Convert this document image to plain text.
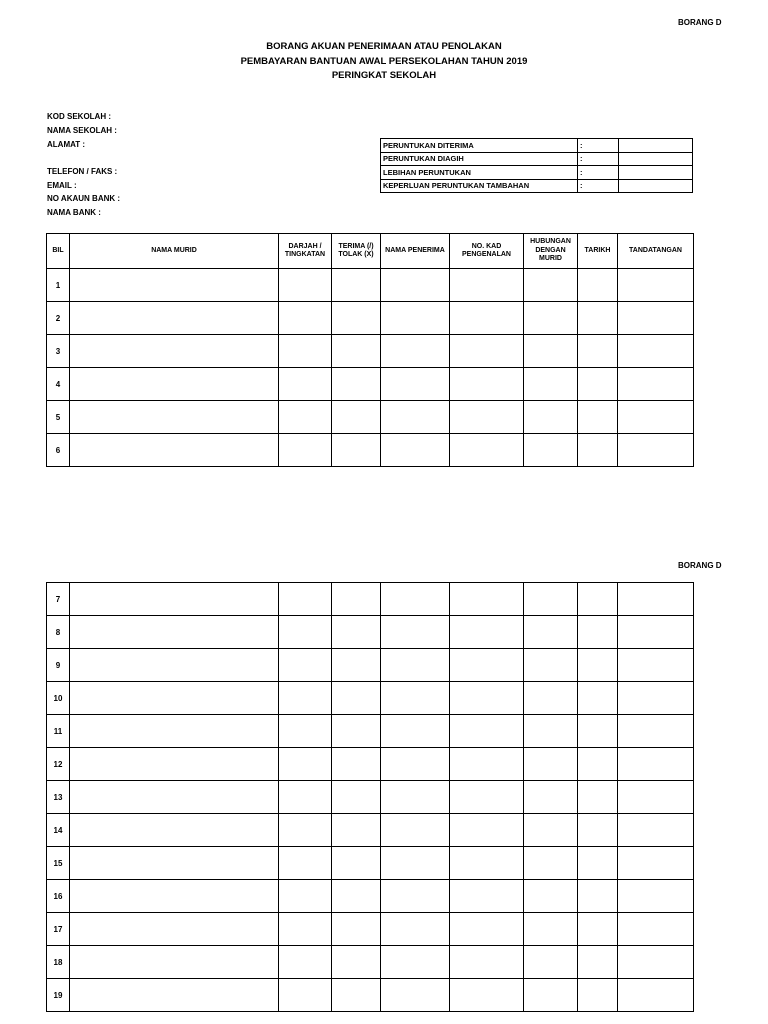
BORANG D
BORANG AKUAN PENERIMAAN ATAU PENOLAKAN
PEMBAYARAN BANTUAN AWAL PERSEKOLAHAN TAHUN 2019
PERINGKAT SEKOLAH
KOD SEKOLAH :
NAMA SEKOLAH :
ALAMAT :
TELEFON / FAKS :
EMAIL :
NO AKAUN BANK :
NAMA BANK :
PERUNTUKAN DITERIMA	:	
PERUNTUKAN DIAGIH	:	
LEBIHAN PERUNTUKAN	:	
KEPERLUAN PERUNTUKAN TAMBAHAN	:	
BIL	NAMA MURID	DARJAH / TINGKATAN	TERIMA (/) TOLAK (X)	NAMA PENERIMA	NO. KAD PENGENALAN	HUBUNGAN DENGAN MURID	TARIKH	TANDATANGAN
1								
2								
3								
4								
5								
6								
BORANG D
7								
8								
9								
10								
11								
12								
13								
14								
15								
16								
17								
18								
19								
